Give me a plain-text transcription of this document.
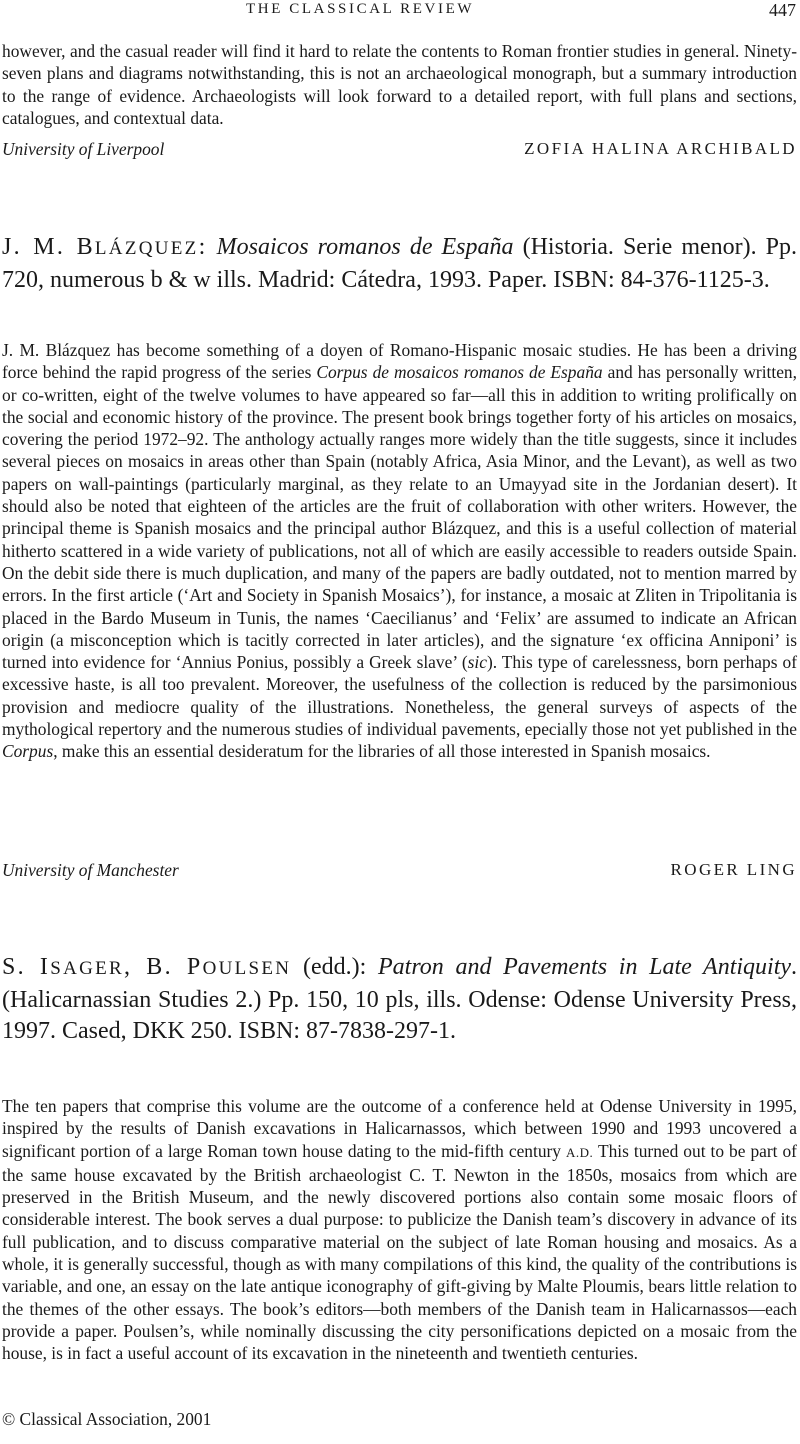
THE CLASSICAL REVIEW	447

however, and the casual reader will find it hard to relate the contents to Roman frontier studies in general. Ninety-seven plans and diagrams notwithstanding, this is not an archaeological monograph, but a summary introduction to the range of evidence. Archaeologists will look forward to a detailed report, with full plans and sections, catalogues, and contextual data.

University of Liverpool	ZOFIA HALINA ARCHIBALD
J. M. BLÁZQUEZ: Mosaicos romanos de España (Historia. Serie menor). Pp. 720, numerous b & w ills. Madrid: Cátedra, 1993. Paper. ISBN: 84-376-1125-3.

J. M. Blázquez has become something of a doyen of Romano-Hispanic mosaic studies. He has been a driving force behind the rapid progress of the series Corpus de mosaicos romanos de España and has personally written, or co-written, eight of the twelve volumes to have appeared so far—all this in addition to writing prolifically on the social and economic history of the province. The present book brings together forty of his articles on mosaics, covering the period 1972–92. The anthology actually ranges more widely than the title suggests, since it includes several pieces on mosaics in areas other than Spain (notably Africa, Asia Minor, and the Levant), as well as two papers on wall-paintings (particularly marginal, as they relate to an Umayyad site in the Jordanian desert). It should also be noted that eighteen of the articles are the fruit of collaboration with other writers. However, the principal theme is Spanish mosaics and the principal author Blázquez, and this is a useful collection of material hitherto scattered in a wide variety of publications, not all of which are easily accessible to readers outside Spain. On the debit side there is much duplication, and many of the papers are badly outdated, not to mention marred by errors. In the first article (‘Art and Society in Spanish Mosaics’), for instance, a mosaic at Zliten in Tripolitania is placed in the Bardo Museum in Tunis, the names ‘Caecilianus’ and ‘Felix’ are assumed to indicate an African origin (a misconception which is tacitly corrected in later articles), and the signature ‘ex officina Anniponi’ is turned into evidence for ‘Annius Ponius, possibly a Greek slave’ (sic). This type of carelessness, born perhaps of excessive haste, is all too prevalent. Moreover, the usefulness of the collection is reduced by the parsimonious provision and mediocre quality of the illustrations. Nonetheless, the general surveys of aspects of the mythological repertory and the numerous studies of individual pavements, epecially those not yet published in the Corpus, make this an essential desideratum for the libraries of all those interested in Spanish mosaics.

University of Manchester	ROGER LING
S. ISAGER, B. POULSEN (edd.): Patron and Pavements in Late Antiquity. (Halicarnassian Studies 2.) Pp. 150, 10 pls, ills. Odense: Odense University Press, 1997. Cased, DKK 250. ISBN: 87-7838-297-1.

The ten papers that comprise this volume are the outcome of a conference held at Odense University in 1995, inspired by the results of Danish excavations in Halicarnassos, which between 1990 and 1993 uncovered a significant portion of a large Roman town house dating to the mid-fifth century A.D. This turned out to be part of the same house excavated by the British archaeologist C. T. Newton in the 1850s, mosaics from which are preserved in the British Museum, and the newly discovered portions also contain some mosaic floors of considerable interest. The book serves a dual purpose: to publicize the Danish team’s discovery in advance of its full publication, and to discuss comparative material on the subject of late Roman housing and mosaics. As a whole, it is generally successful, though as with many compilations of this kind, the quality of the contributions is variable, and one, an essay on the late antique iconography of gift-giving by Malte Ploumis, bears little relation to the themes of the other essays. The book’s editors—both members of the Danish team in Halicarnassos—each provide a paper. Poulsen’s, while nominally discussing the city personifications depicted on a mosaic from the house, is in fact a useful account of its excavation in the nineteenth and twentieth centuries.

© Classical Association, 2001
